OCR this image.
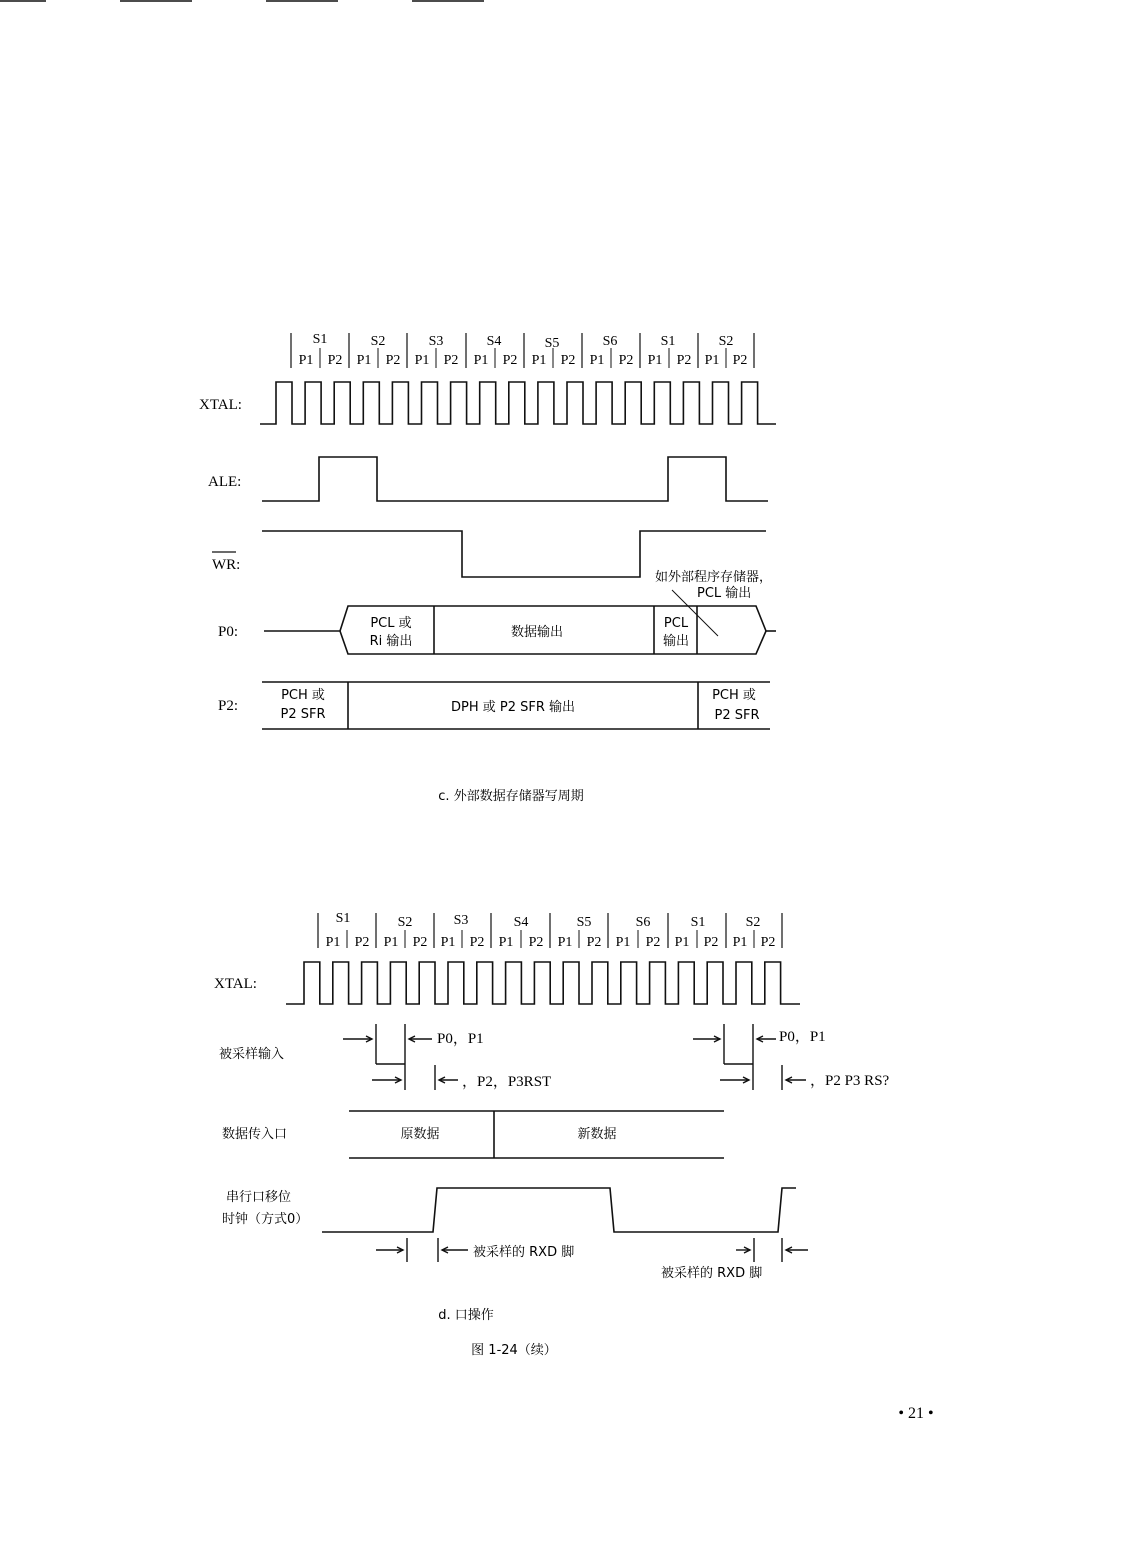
S1	S2	S3	S4	S5	S6	S1	S2
P1 P2 P1 P2 P1 P2 P1 P2 P1 P2 P1 P2 P1 P2 P1 P2
XTAL:
ALE:
WR:
如外部程序存储器，
PCL 输出
P0:
PCL 或
Ri 输出
数据输出
PCL
输出
P2:
PCH 或
P2 SFR	DPH 或 P2 SFR 输出
PCH 或
P2 SFR
c. 外部数据存储器写周期
S1	S2	S3	S4	S5	S6	S1	S2
P1 P2 P1 P2 P1 P2 P1 P2 P1 P2 P1 P2 P1 P2 P1 P2
XTAL:
被采样输入
P0，P1
，P2，P3RST
P0，P1
，P2 P3 RS?
数据传入口	原数据	新数据
串行口移位
时钟（方式0）
被采样的 RXD 脚
被采样的 RXD 脚
d. 口操作
图 1-24（续）
• 21 •
